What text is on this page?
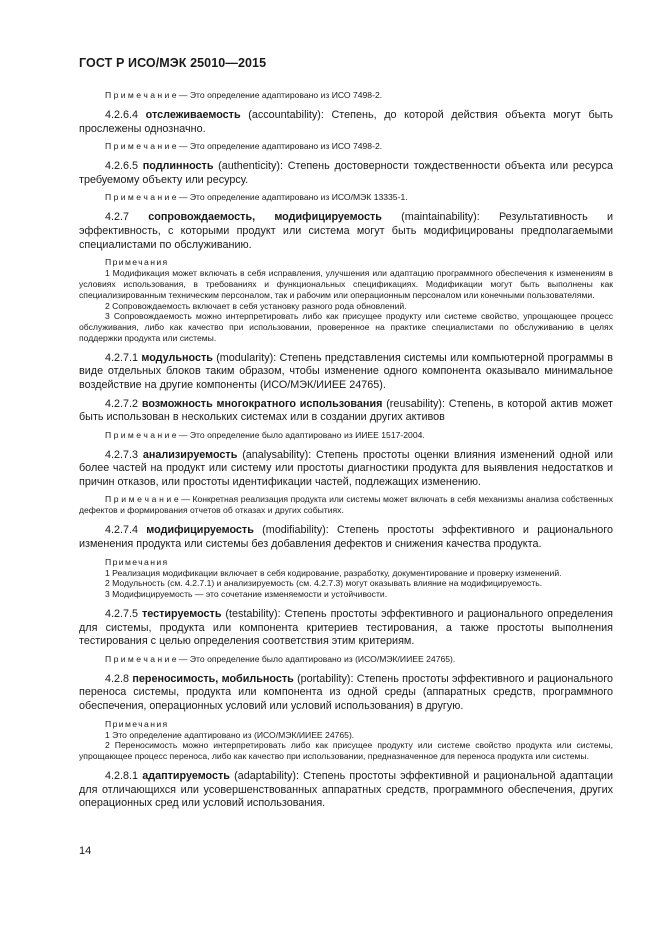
ГОСТ Р ИСО/МЭК 25010—2015

П р и м е ч а н и е — Это определение адаптировано из ИСО 7498-2.

4.2.6.4 отслеживаемость (accountability): Степень, до которой действия объекта могут быть прослежены однозначно.

П р и м е ч а н и е — Это определение адаптировано из ИСО 7498-2.

4.2.6.5 подлинность (authenticity): Степень достоверности тождественности объекта или ресурса требуемому объекту или ресурсу.

П р и м е ч а н и е — Это определение адаптировано из ИСО/МЭК 13335-1.

4.2.7 сопровождаемость, модифицируемость (maintainability): Результативность и эффективность, с которыми продукт или система могут быть модифицированы предполагаемыми специалистами по обслуживанию.

Примечания

1 Модификация может включать в себя исправления, улучшения или адаптацию программного обеспечения к изменениям в условиях использования, в требованиях и функциональных спецификациях. Модификации могут быть выполнены как специализированным техническим персоналом, так и рабочим или операционным персоналом или конечными пользователями.

2 Сопровождаемость включает в себя установку разного рода обновлений.

3 Сопровождаемость можно интерпретировать либо как присущее продукту или системе свойство, упрощающее процесс обслуживания, либо как качество при использовании, проверенное на практике специалистами по обслуживанию в целях поддержки продукта или системы.

4.2.7.1 модульность (modularity): Степень представления системы или компьютерной программы в виде отдельных блоков таким образом, чтобы изменение одного компонента оказывало минимальное воздействие на другие компоненты (ИСО/МЭК/ИИЕЕ 24765).

4.2.7.2 возможность многократного использования (reusability): Степень, в которой актив может быть использован в нескольких системах или в создании других активов

П р и м е ч а н и е — Это определение было адаптировано из ИИЕЕ 1517-2004.

4.2.7.3 анализируемость (analysability): Степень простоты оценки влияния изменений одной или более частей на продукт или систему или простоты диагностики продукта для выявления недостатков и причин отказов, или простоты идентификации частей, подлежащих изменению.

П р и м е ч а н и е — Конкретная реализация продукта или системы может включать в себя механизмы анализа собственных дефектов и формирования отчетов об отказах и других событиях.

4.2.7.4 модифицируемость (modifiability): Степень простоты эффективного и рационального изменения продукта или системы без добавления дефектов и снижения качества продукта.

Примечания

1 Реализация модификации включает в себя кодирование, разработку, документирование и проверку изменений.

2 Модульность (см. 4.2.7.1) и анализируемость (см. 4.2.7.3) могут оказывать влияние на модифицируемость.

3 Модифицируемость — это сочетание изменяемости и устойчивости.

4.2.7.5 тестируемость (testability): Степень простоты эффективного и рационального определения для системы, продукта или компонента критериев тестирования, а также простоты выполнения тестирования с целью определения соответствия этим критериям.

П р и м е ч а н и е — Это определение было адаптировано из (ИСО/МЭК/ИИЕЕ 24765).

4.2.8 переносимость, мобильность (portability): Степень простоты эффективного и рационального переноса системы, продукта или компонента из одной среды (аппаратных средств, программного обеспечения, операционных условий или условий использования) в другую.

Примечания

1 Это определение адаптировано из (ИСО/МЭК/ИИЕЕ 24765).

2 Переносимость можно интерпретировать либо как присущее продукту или системе свойство продукта или системы, упрощающее процесс переноса, либо как качество при использовании, предназначенное для переноса продукта или системы.

4.2.8.1 адаптируемость (adaptability): Степень простоты эффективной и рациональной адаптации для отличающихся или усовершенствованных аппаратных средств, программного обеспечения, других операционных сред или условий использования.

14
